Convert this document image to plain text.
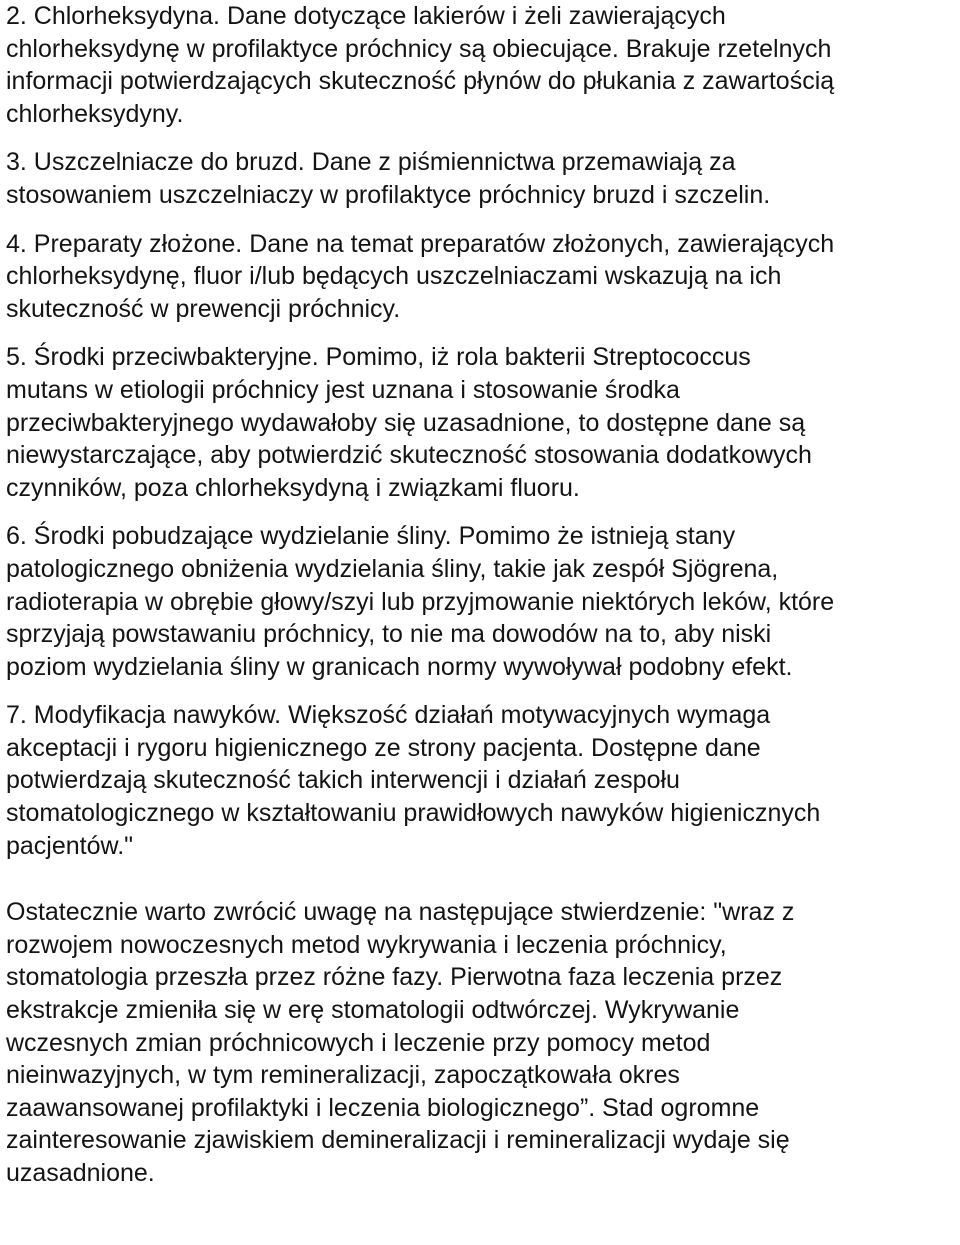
2. Chlorheksydyna. Dane dotyczące lakierów i żeli zawierających
chlorheksydynę w profilaktyce próchnicy są obiecujące. Brakuje rzetelnych
informacji potwierdzających skuteczność płynów do płukania z zawartością
chlorheksydyny.
3. Uszczelniacze do bruzd. Dane z piśmiennictwa przemawiają za
stosowaniem uszczelniaczy w profilaktyce próchnicy bruzd i szczelin.
4. Preparaty złożone. Dane na temat preparatów złożonych, zawierających
chlorheksydynę, fluor i/lub będących uszczelniaczami wskazują na ich
skuteczność w prewencji próchnicy.
5. Środki przeciwbakteryjne. Pomimo, iż rola bakterii Streptococcus
mutans w etiologii próchnicy jest uznana i stosowanie środka
przeciwbakteryjnego wydawałoby się uzasadnione, to dostępne dane są
niewystarczające, aby potwierdzić skuteczność stosowania dodatkowych
czynników, poza chlorheksydyną i związkami fluoru.
6. Środki pobudzające wydzielanie śliny. Pomimo że istnieją stany
patologicznego obniżenia wydzielania śliny, takie jak zespół Sjögrena,
radioterapia w obrębie głowy/szyi lub przyjmowanie niektórych leków, które
sprzyjają powstawaniu próchnicy, to nie ma dowodów na to, aby niski
poziom wydzielania śliny w granicach normy wywoływał podobny efekt.
7. Modyfikacja nawyków. Większość działań motywacyjnych wymaga
akceptacji i rygoru higienicznego ze strony pacjenta. Dostępne dane
potwierdzają skuteczność takich interwencji i działań zespołu
stomatologicznego w kształtowaniu prawidłowych nawyków higienicznych
pacjentów."
Ostatecznie warto zwrócić uwagę na następujące stwierdzenie: "wraz z
rozwojem nowoczesnych metod wykrywania i leczenia próchnicy,
stomatologia przeszła przez różne fazy. Pierwotna faza leczenia przez
ekstrakcje zmieniła się w erę stomatologii odtwórczej. Wykrywanie
wczesnych zmian próchnicowych i leczenie przy pomocy metod
nieinwazyjnych, w tym remineralizacji, zapoczątkowała okres
zaawansowanej profilaktyki i leczenia biologicznego”. Stad ogromne
zainteresowanie zjawiskiem demineralizacji i remineralizacji wydaje się
uzasadnione.
